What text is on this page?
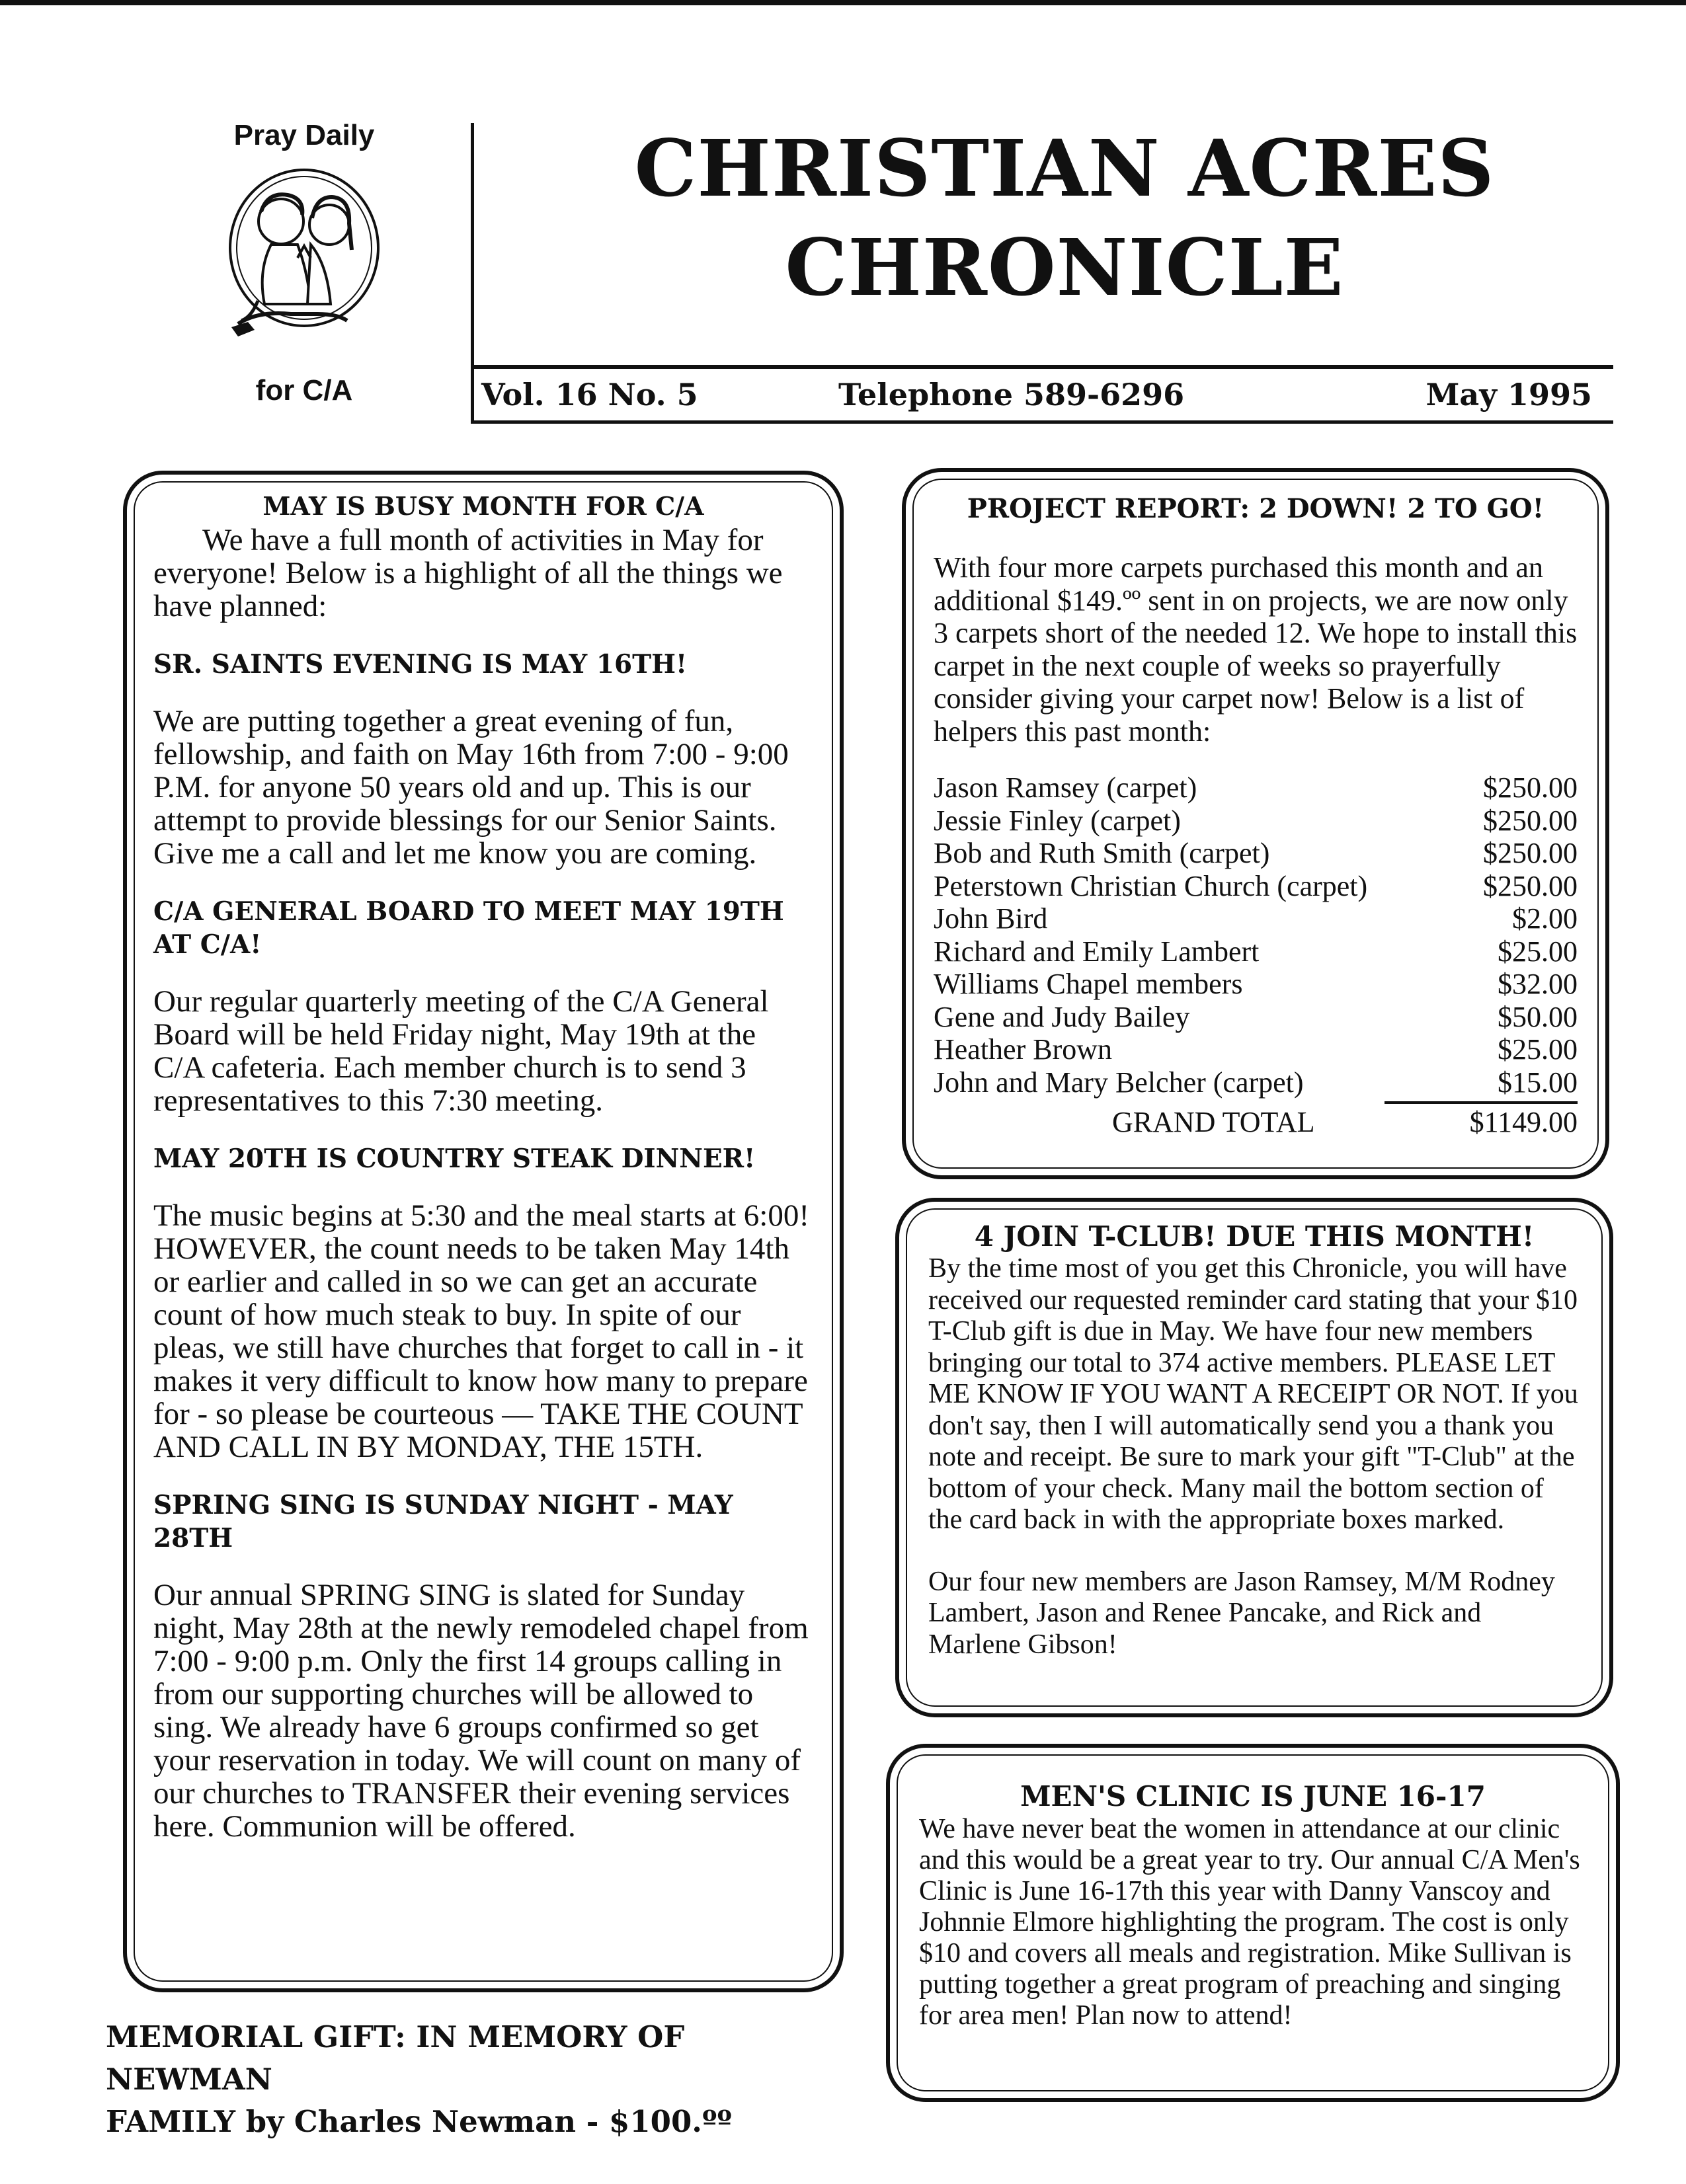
Pray Daily
for C/A
CHRISTIAN ACRES
CHRONICLE
Vol. 16 No. 5	Telephone 589-6296	May 1995
MAY IS BUSY MONTH FOR C/A

We have a full month of activities in May for everyone! Below is a highlight of all the things we have planned:

SR. SAINTS EVENING IS MAY 16TH!

We are putting together a great evening of fun, fellowship, and faith on May 16th from 7:00 - 9:00 P.M. for anyone 50 years old and up. This is our attempt to provide blessings for our Senior Saints. Give me a call and let me know you are coming.

C/A GENERAL BOARD TO MEET MAY 19TH AT C/A!

Our regular quarterly meeting of the C/A General Board will be held Friday night, May 19th at the C/A cafeteria. Each member church is to send 3 representatives to this 7:30 meeting.

MAY 20TH IS COUNTRY STEAK DINNER!

The music begins at 5:30 and the meal starts at 6:00! HOWEVER, the count needs to be taken May 14th or earlier and called in so we can get an accurate count of how much steak to buy. In spite of our pleas, we still have churches that forget to call in - it makes it very difficult to know how many to prepare for - so please be courteous — TAKE THE COUNT AND CALL IN BY MONDAY, THE 15TH.

SPRING SING IS SUNDAY NIGHT - MAY 28TH

Our annual SPRING SING is slated for Sunday night, May 28th at the newly remodeled chapel from 7:00 - 9:00 p.m. Only the first 14 groups calling in from our supporting churches will be allowed to sing. We already have 6 groups confirmed so get your reservation in today. We will count on many of our churches to TRANSFER their evening services here. Communion will be offered.

MEMORIAL GIFT: IN MEMORY OF NEWMAN
FAMILY by Charles Newman - $100.ºº
PROJECT REPORT: 2 DOWN! 2 TO GO!

With four more carpets purchased this month and an additional $149.ºº sent in on projects, we are now only 3 carpets short of the needed 12. We hope to install this carpet in the next couple of weeks so prayerfully consider giving your carpet now! Below is a list of helpers this past month:

Jason Ramsey (carpet)	$250.00
Jessie Finley (carpet)	$250.00
Bob and Ruth Smith (carpet)	$250.00
Peterstown Christian Church (carpet)	$250.00
John Bird	$2.00
Richard and Emily Lambert	$25.00
Williams Chapel members	$32.00
Gene and Judy Bailey	$50.00
Heather Brown	$25.00
John and Mary Belcher (carpet)	$15.00
GRAND TOTAL	$1149.00
4 JOIN T-CLUB! DUE THIS MONTH!

By the time most of you get this Chronicle, you will have received our requested reminder card stating that your $10 T-Club gift is due in May. We have four new members bringing our total to 374 active members. PLEASE LET ME KNOW IF YOU WANT A RECEIPT OR NOT. If you don't say, then I will automatically send you a thank you note and receipt. Be sure to mark your gift "T-Club" at the bottom of your check. Many mail the bottom section of the card back in with the appropriate boxes marked.

Our four new members are Jason Ramsey, M/M Rodney Lambert, Jason and Renee Pancake, and Rick and Marlene Gibson!

MEN'S CLINIC IS JUNE 16-17

We have never beat the women in attendance at our clinic and this would be a great year to try. Our annual C/A Men's Clinic is June 16-17th this year with Danny Vanscoy and Johnnie Elmore highlighting the program. The cost is only $10 and covers all meals and registration. Mike Sullivan is putting together a great program of preaching and singing for area men! Plan now to attend!
